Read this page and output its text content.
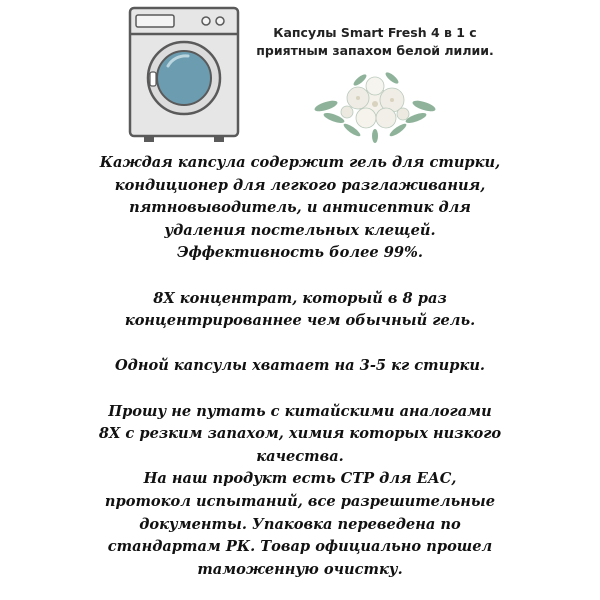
Капсулы Smart Fresh 4 в 1 с
приятным запахом белой лилии.
Каждая капсула содержит гель для стирки,
кондиционер для легкого разглаживания,
пятновыводитель, и антисептик для
удаления постельных клещей.
Эффективность более 99%.
8X концентрат, который в 8 раз
концентрированнее чем обычный гель.
Одной капсулы хватает на 3-5 кг стирки.
Прошу не путать с китайскими аналогами
8X с резким запахом, химия которых низкого
качества.
На наш продукт есть СТР для ЕАС,
протокол испытаний, все разрешительные
документы. Упаковка переведена по
стандартам РК. Товар официально прошел
таможенную очистку.
